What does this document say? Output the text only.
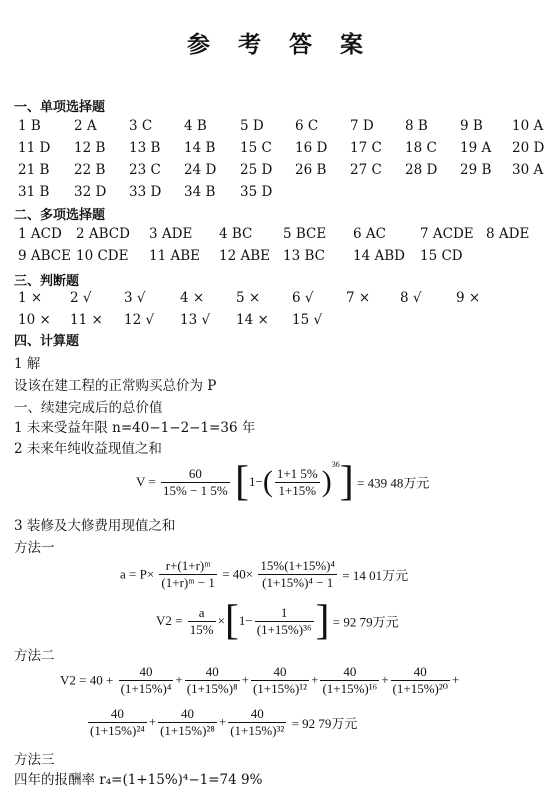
参 考 答 案
一、单项选择题
1 B 2 A 3 C 4 B 5 D 6 C 7 D 8 B 9 B 10 A
11 D 12 B 13 B 14 B 15 C 16 D 17 C 18 C 19 A 20 D
21 B 22 B 23 C 24 D 25 D 26 B 27 C 28 D 29 B 30 A
31 B 32 D 33 D 34 B 35 D
二、多项选择题
1 ACD 2 ABCD 3 ADE 4 BC 5 BCE 6 AC	7 ACDE 8 ADE
9 ABCE 10 CDE 11 ABE 12 ABE 13 BC 14 ABD 15 CD
三、判断题
1 × 2 √ 3 √	4 × 5 × 6 √ 7 × 8 √	9 ×
10 × 11 × 12 √ 13 √ 14 × 15 √
四、计算题
1 解
设该在建工程的正常购买总价为 P
一、续建完成后的总价值
1 未来受益年限 n=40−1−2−1=36 年
2 未来年纯收益现值之和
$V = \frac{60}{15\% - 1 5\%} [1-( \frac{1+1 5\%}{1+15\%} )^{36}] = 439$ 48万元
3 装修及大修费用现值之和
方法一
$a = P\times \frac{\text{r+(1+r)ᵐ}}{\text{(1+r)ᵐ − 1}} = 40\times \frac{\text{15\%(1+15\%)⁴}}{\text{(1+15\%)⁴ − 1}} = 14$ 01万元
$V2 = \frac{a}{15\%} \times[1- \frac{1}{\text{(1+15\%)³⁶}}$ ] = 92 79万元
方法二
$V2 = 40 + \frac{40}{\text{(1+15\%)⁴}} + \frac{40}{\text{(1+15\%)⁸}} + \frac{40}{\text{(1+15\%)¹²}} + \frac{40}{\text{(1+15\%)¹⁶}} + \frac{40}{\text{(1+15\%)²⁰}}$ +
$\frac{40}{\text{(1+15\%)²⁴}} + \frac{40}{\text{(1+15\%)²⁸}} + \frac{40}{\text{(1+15\%)³²}} = 92$ 79万元
方法三
四年的报酬率 r₄=(1+15%)⁴−1=74 9%
